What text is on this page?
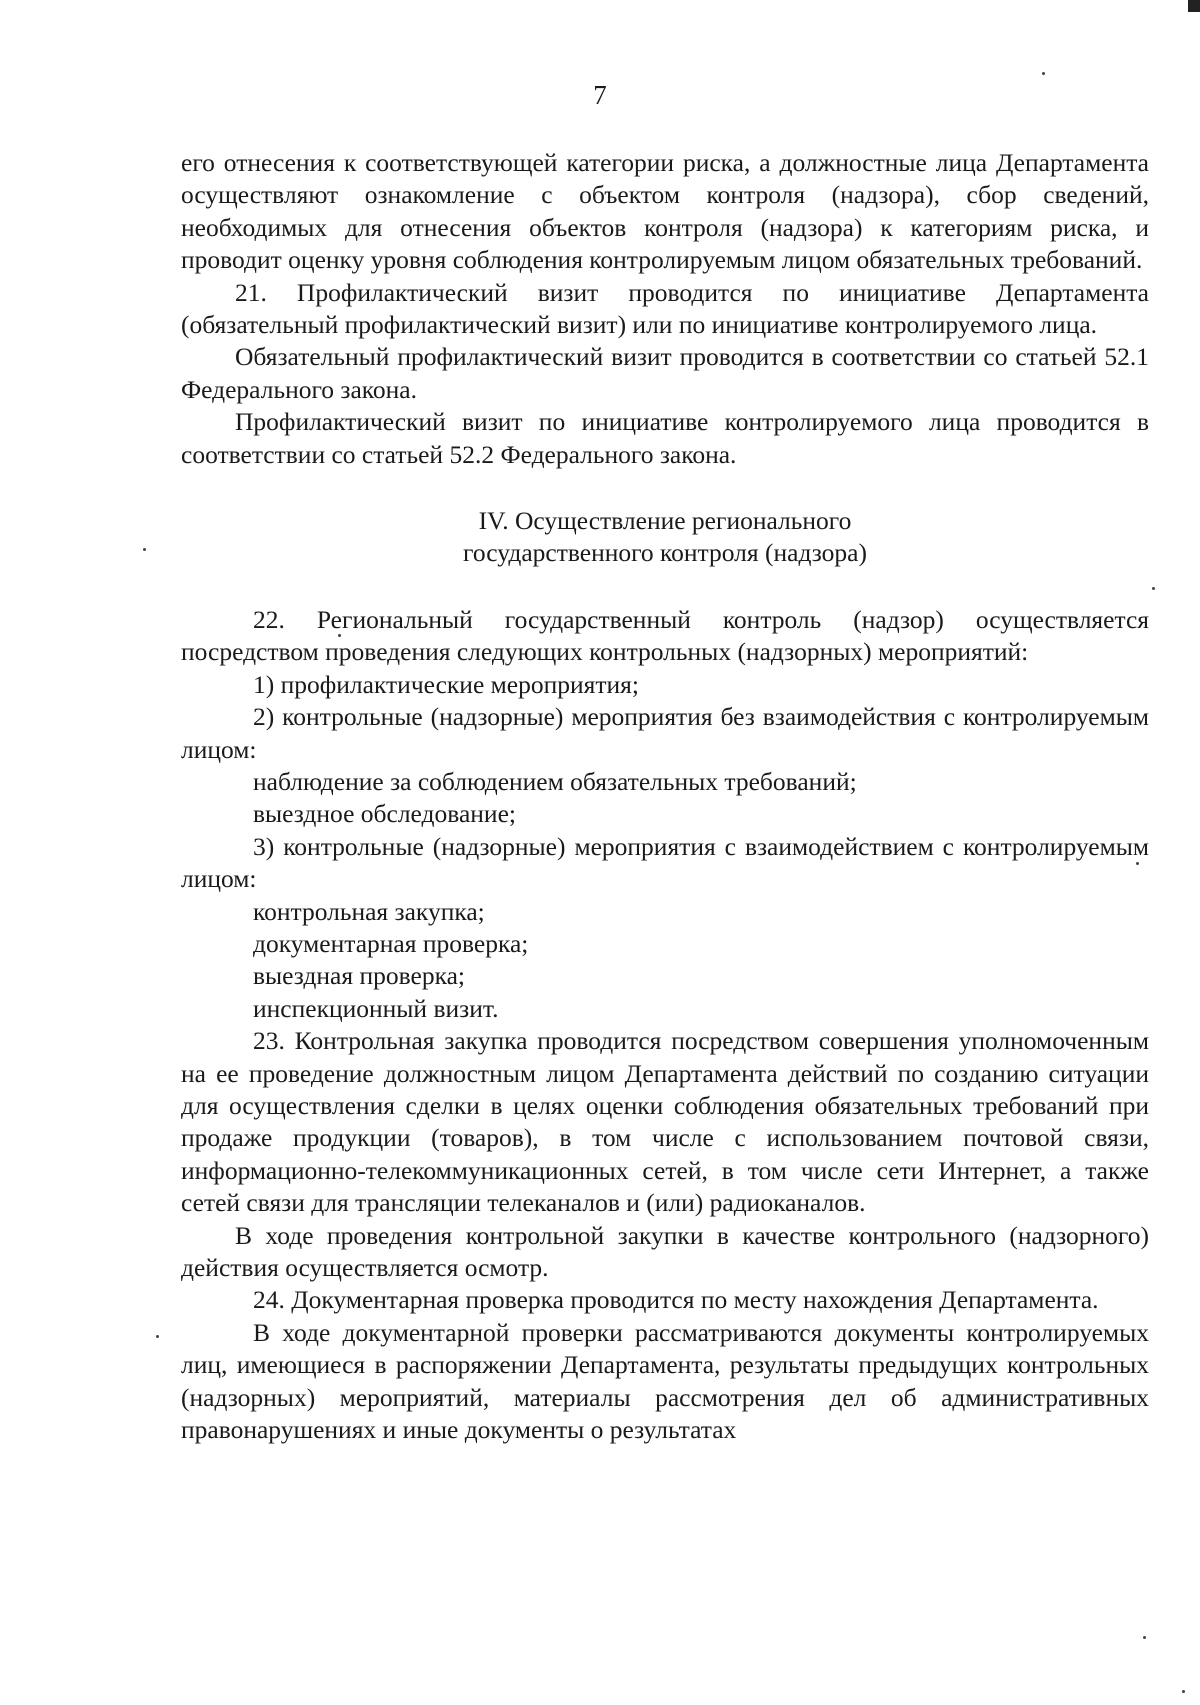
7

его отнесения к соответствующей категории риска, а должностные лица Департамента осуществляют ознакомление с объектом контроля (надзора), сбор сведений, необходимых для отнесения объектов контроля (надзора) к категориям риска, и проводит оценку уровня соблюдения контролируемым лицом обязательных требований.

21. Профилактический визит проводится по инициативе Департамента (обязательный профилактический визит) или по инициативе контролируемого лица.

Обязательный профилактический визит проводится в соответствии со статьей 52.1 Федерального закона.

Профилактический визит по инициативе контролируемого лица проводится в соответствии со статьей 52.2 Федерального закона.

IV. Осуществление регионального
государственного контроля (надзора)

22. Региональный государственный контроль (надзор) осуществляется посредством проведения следующих контрольных (надзорных) мероприятий:

1) профилактические мероприятия;

2) контрольные (надзорные) мероприятия без взаимодействия с контролируемым лицом:

наблюдение за соблюдением обязательных требований;

выездное обследование;

3) контрольные (надзорные) мероприятия с взаимодействием с контролируемым лицом:

контрольная закупка;

документарная проверка;

выездная проверка;

инспекционный визит.

23. Контрольная закупка проводится посредством совершения уполномоченным на ее проведение должностным лицом Департамента действий по созданию ситуации для осуществления сделки в целях оценки соблюдения обязательных требований при продаже продукции (товаров), в том числе с использованием почтовой связи, информационно-телекоммуникационных сетей, в том числе сети Интернет, а также сетей связи для трансляции телеканалов и (или) радиоканалов.

В ходе проведения контрольной закупки в качестве контрольного (надзорного) действия осуществляется осмотр.

24. Документарная проверка проводится по месту нахождения Департамента.

В ходе документарной проверки рассматриваются документы контролируемых лиц, имеющиеся в распоряжении Департамента, результаты предыдущих контрольных (надзорных) мероприятий, материалы рассмотрения дел об административных правонарушениях и иные документы о результатах
